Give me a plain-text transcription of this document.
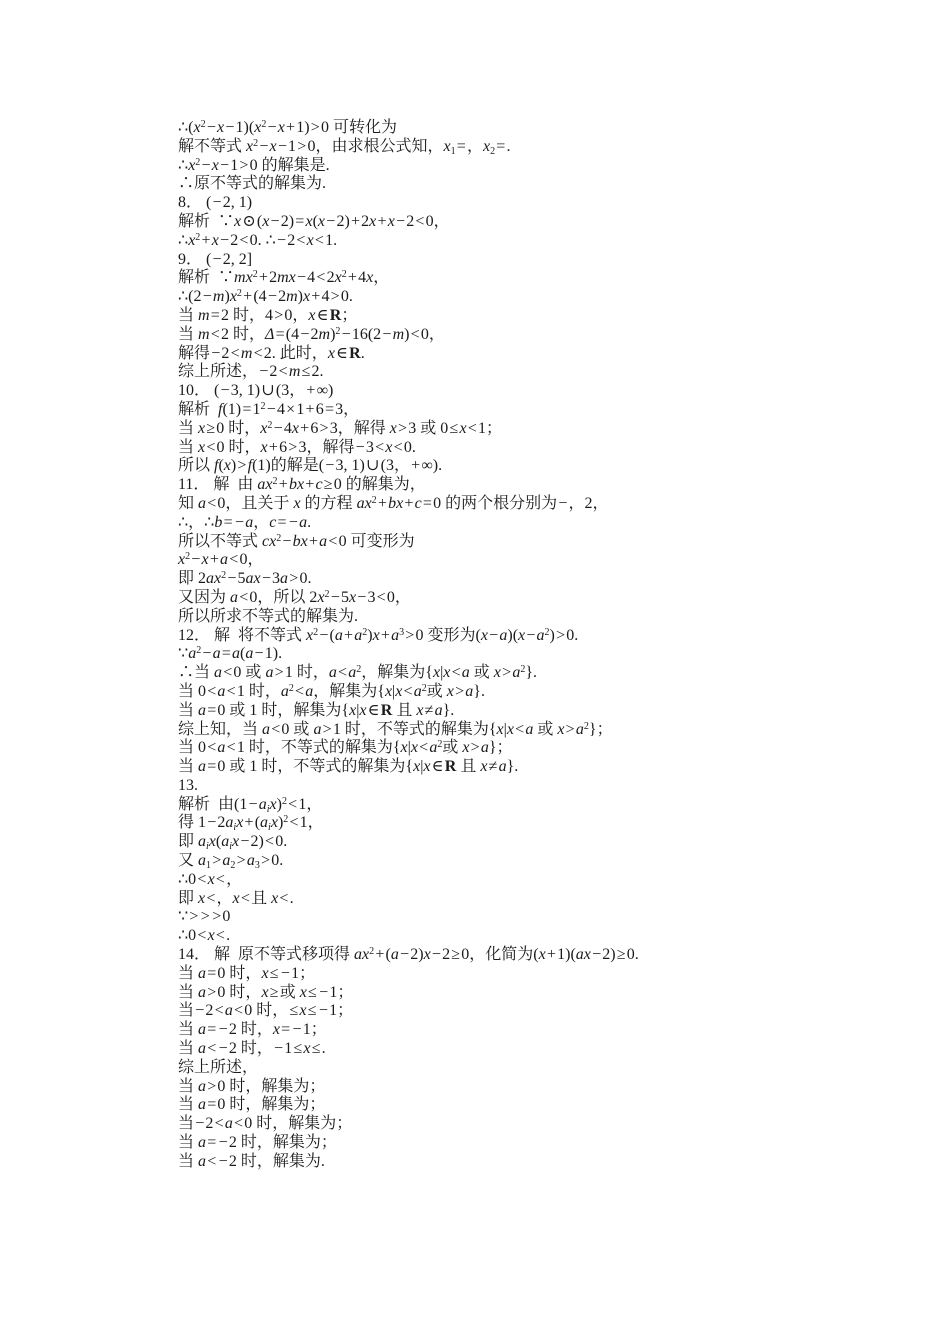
$\therefore(x^2-x-1)(x^2-x+1)>0$ 可转化为
解不等式 $x^2-x-1>0$，由求根公式知，$x_1=$，$x_2=$.
$\therefore x^2-x-1>0$ 的解集是.
∴原不等式的解集为.
8． (−2, 1)
解析  ∵x⊙(x−2)=x(x−2)+2x+x−2<0，
$\therefore x^2+x-2<0$. ∴−2<x<1.
9． (−2, 2]
解析  $\because mx^2+2mx-4<2x^2+4x$，
$\therefore(2-m)x^2+(4-2m)x+4>0$.
当 m=2 时，4>0，x∈R；
当 m<2 时，$\Delta=(4-2m)^2-16(2-m)<0$，
解得−2<m<2. 此时，x∈R.
综上所述，−2<m≤2.
10． (−3, 1)∪(3，+∞)
解析  $f(1)=1^2-4\times 1+6=3$，
当 x≥0 时，$x^2-4x+6>3$，解得 x>3 或 0≤x<1；
当 x<0 时，x+6>3，解得−3<x<0.
所以 f(x)>f(1)的解是(−3, 1)∪(3，+∞).
11． 解  由 $ax^2+bx+c\ge 0$ 的解集为，
知 a<0，且关于 x 的方程 $ax^2+bx+c=0$ 的两个根分别为−，2，
∴，∴b= −a，c= −a.
所以不等式 $cx^2-bx+a<0$ 可变形为
$x^2-x+a<0$，
即 $2ax^2-5ax-3a>0$.
又因为 a<0，所以 $2x^2-5x-3<0$，
所以所求不等式的解集为.
12． 解  将不等式 $x^2-(a+a^2)x+a^3>0$ 变形为$(x-a)(x-a^2)>0$.
$\because a^2-a=a(a-1)$.
∴当 a<0 或 a>1 时，$a<a^2$，解集为{x|x<a 或 $x>a^2$}.
当 0<a<1 时，$a^2<a$，解集为{$x|x<a^2$或 x>a}.
当 a=0 或 1 时，解集为{x|x∈R 且 x≠a}.
综上知，当 a<0 或 a>1 时，不等式的解集为{x|x<a 或 $x>a^2$}；
当 0<a<1 时，不等式的解集为{$x|x<a^2$或 x>a}；
当 a=0 或 1 时，不等式的解集为{x|x∈R 且 x≠a}.
13.
解析  由$(1-a_ix)^2<1$，
得 $1-2a_ix+(a_ix)^2<1$，
即 $a_ix(a_ix-2)<0$.
又 $a_1>a_2>a_3>0$.
∴0<x<，
即 x<，x<且 x<.
∵> > >0
∴0<x<.
14． 解  原不等式移项得 $ax^2+(a-2)x-2\ge 0$，化简为(x+1)(ax−2)≥0.
当 a=0 时，x≤ −1；
当 a>0 时，x≥或 x≤ −1；
当−2<a<0 时，≤x≤ −1；
当 a= −2 时，x= −1；
当 a< −2 时，−1≤x≤.
综上所述，
当 a>0 时，解集为；
当 a=0 时，解集为；
当−2<a<0 时，解集为；
当 a= −2 时，解集为；
当 a< −2 时，解集为.
